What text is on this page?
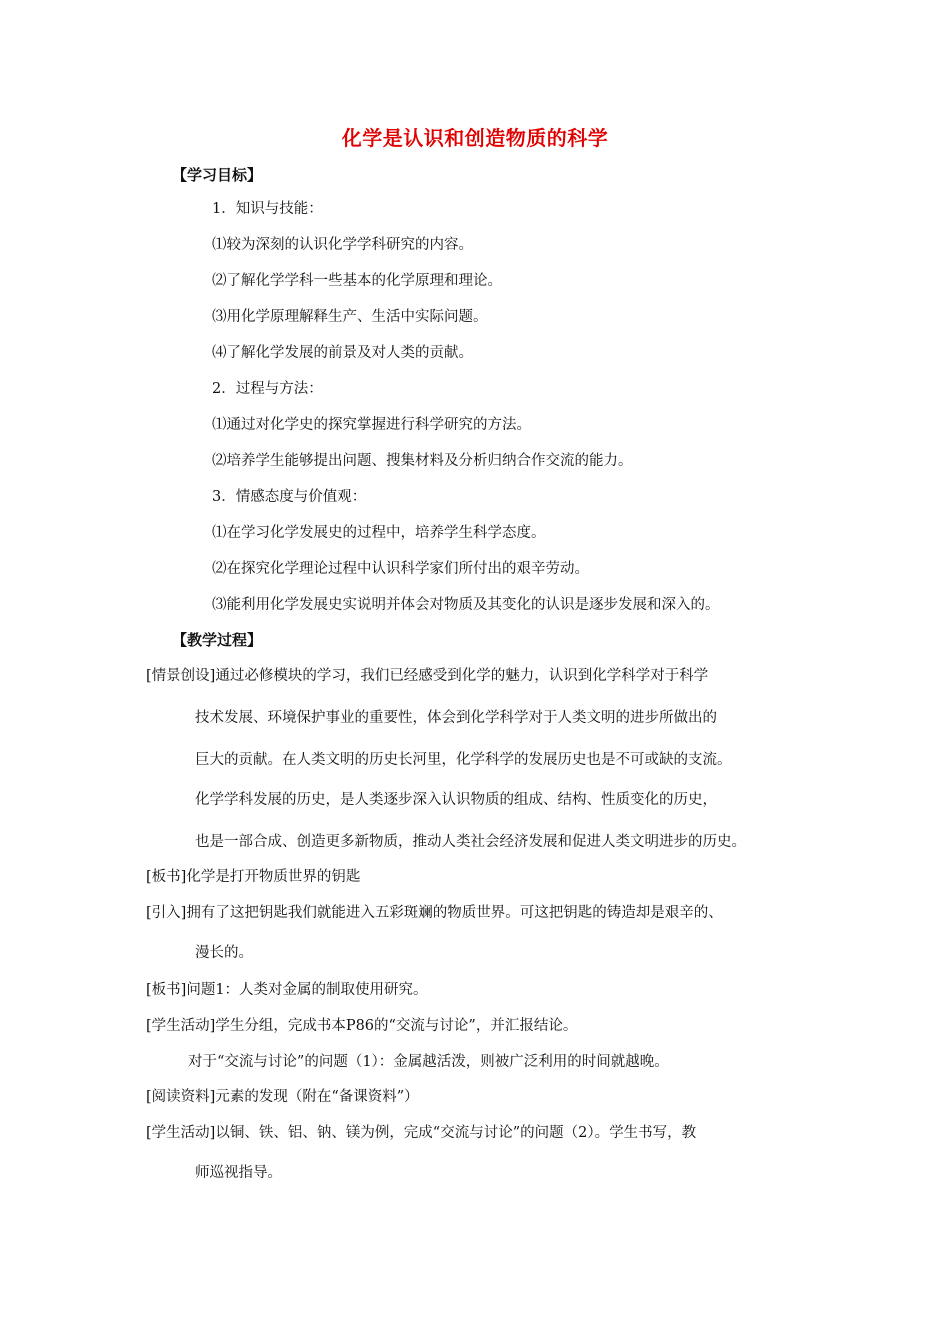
化学是认识和创造物质的科学
【学习目标】
1．知识与技能：
⑴较为深刻的认识化学学科研究的内容。
⑵了解化学学科一些基本的化学原理和理论。
⑶用化学原理解释生产、生活中实际问题。
⑷了解化学发展的前景及对人类的贡献。
2．过程与方法：
⑴通过对化学史的探究掌握进行科学研究的方法。
⑵培养学生能够提出问题、搜集材料及分析归纳合作交流的能力。
3．情感态度与价值观：
⑴在学习化学发展史的过程中，培养学生科学态度。
⑵在探究化学理论过程中认识科学家们所付出的艰辛劳动。
⑶能利用化学发展史实说明并体会对物质及其变化的认识是逐步发展和深入的。
【教学过程】
[情景创设]通过必修模块的学习，我们已经感受到化学的魅力，认识到化学科学对于科学
技术发展、环境保护事业的重要性，体会到化学科学对于人类文明的进步所做出的
巨大的贡献。在人类文明的历史长河里，化学科学的发展历史也是不可或缺的支流。
化学学科发展的历史，是人类逐步深入认识物质的组成、结构、性质变化的历史，
也是一部合成、创造更多新物质，推动人类社会经济发展和促进人类文明进步的历史。
[板书]化学是打开物质世界的钥匙
[引入]拥有了这把钥匙我们就能进入五彩斑斓的物质世界。可这把钥匙的铸造却是艰辛的、
漫长的。
[板书]问题1：人类对金属的制取使用研究。
[学生活动]学生分组，完成书本P86的“交流与讨论”，并汇报结论。
对于“交流与讨论”的问题（1）：金属越活泼，则被广泛利用的时间就越晚。
[阅读资料]元素的发现（附在“备课资料”）
[学生活动]以铜、铁、铝、钠、镁为例，完成“交流与讨论”的问题（2）。学生书写，教
师巡视指导。
